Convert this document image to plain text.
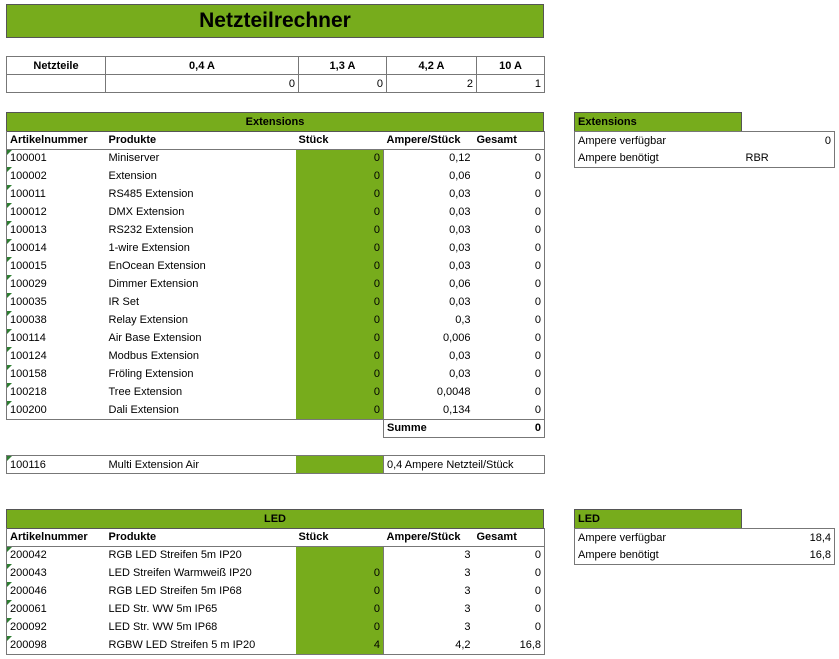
Netzteilrechner
Netzteile	0,4 A	1,3 A	4,2 A	10 A
	0	0	2	1
Extensions
Artikelnummer	Produkte	Stück	Ampere/Stück	Gesamt
100001	Miniserver	0	0,12	0
100002	Extension	0	0,06	0
100011	RS485 Extension	0	0,03	0
100012	DMX Extension	0	0,03	0
100013	RS232 Extension	0	0,03	0
100014	1-wire Extension	0	0,03	0
100015	EnOcean Extension	0	0,03	0
100029	Dimmer Extension	0	0,06	0
100035	IR Set	0	0,03	0
100038	Relay Extension	0	0,3	0
100114	Air Base Extension	0	0,006	0
100124	Modbus Extension	0	0,03	0
100158	Fröling Extension	0	0,03	0
100218	Tree Extension	0	0,0048	0
100200	Dali Extension	0	0,134	0
			Summe	0
Extensions
Ampere verfügbar		0
Ampere benötigt	RBR	
100116	Multi Extension Air		0,4 Ampere Netzteil/Stück
LED
Artikelnummer	Produkte	Stück	Ampere/Stück	Gesamt
200042	RGB LED Streifen 5m IP20		3	0
200043	LED Streifen Warmweiß IP20	0	3	0
200046	RGB LED Streifen 5m IP68	0	3	0
200061	LED Str. WW 5m IP65	0	3	0
200092	LED Str. WW 5m IP68	0	3	0
200098	RGBW LED Streifen 5 m IP20	4	4,2	16,8
LED
Ampere verfügbar	18,4
Ampere benötigt	16,8
